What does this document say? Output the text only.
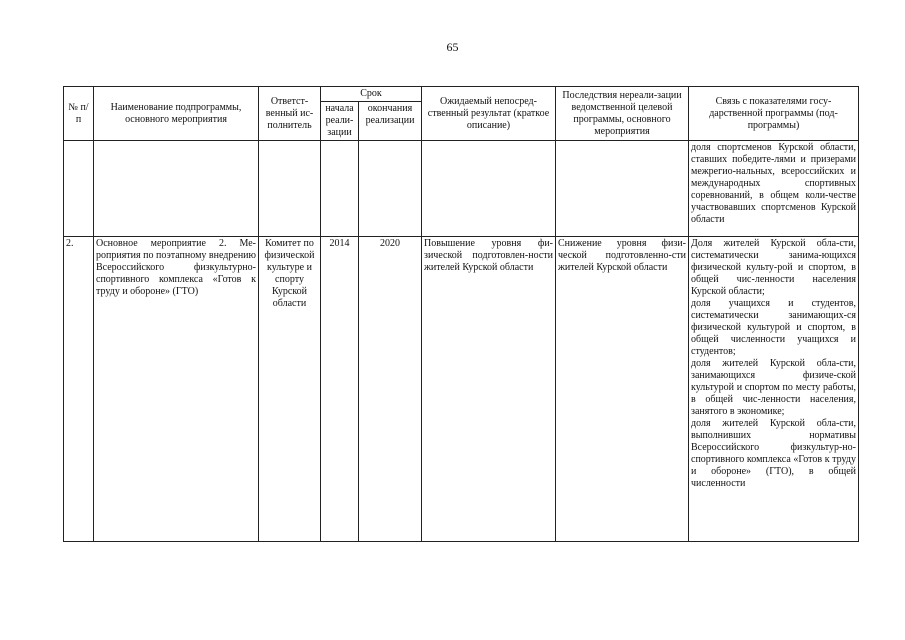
65
№ п/п	Наименование подпрограммы, основного мероприятия	Ответст-венный ис-полнитель	Срок		Ожидаемый непосред-ственный результат (краткое описание)	Последствия нереали-зации ведомственной целевой программы, основного мероприятия	Связь с показателями госу-дарственной программы (под-программы)
			начала реали-зации	окончания реализации			
							доля спортсменов Курской области, ставших победите-лями и призерами межрегио-нальных, всероссийских и международных спортивных соревнований, в общем коли-честве участвовавших спортсменов Курской области
2.	Основное мероприятие 2. Ме-роприятия по поэтапному внедрению Всероссийского физкультурно-спортивного комплекса «Готов к труду и обороне» (ГТО)	Комитет по физической культуре и спорту Курской области	2014	2020	Повышение уровня фи-зической подготовлен-ности жителей Курской области	Снижение уровня физи-ческой подготовленно-сти жителей Курской области	Доля жителей Курской обла-сти, систематически занима-ющихся физической культу-рой и спортом, в общей чис-ленности населения Курской области;
доля учащихся и студентов, систематически занимающих-ся физической культурой и спортом, в общей численности учащихся и студентов;
доля жителей Курской обла-сти, занимающихся физиче-ской культурой и спортом по месту работы, в общей чис-ленности населения, занятого в экономике;
доля жителей Курской обла-сти, выполнивших нормативы Всероссийского физкультур-но-спортивного комплекса «Готов к труду и обороне» (ГТО), в общей численности
